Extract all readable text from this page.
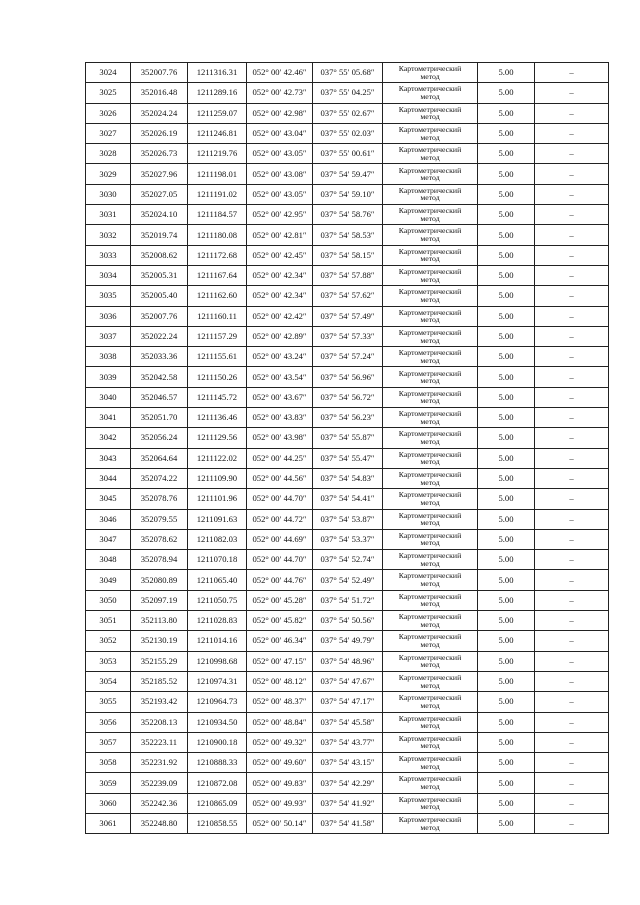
3024	352007.76	1211316.31	052° 00′ 42.46″	037° 55′ 05.68″	Картометрический
метод	5.00	–
3025	352016.48	1211289.16	052° 00′ 42.73″	037° 55′ 04.25″	Картометрический
метод	5.00	–
3026	352024.24	1211259.07	052° 00′ 42.98″	037° 55′ 02.67″	Картометрический
метод	5.00	–
3027	352026.19	1211246.81	052° 00′ 43.04″	037° 55′ 02.03″	Картометрический
метод	5.00	–
3028	352026.73	1211219.76	052° 00′ 43.05″	037° 55′ 00.61″	Картометрический
метод	5.00	–
3029	352027.96	1211198.01	052° 00′ 43.08″	037° 54′ 59.47″	Картометрический
метод	5.00	–
3030	352027.05	1211191.02	052° 00′ 43.05″	037° 54′ 59.10″	Картометрический
метод	5.00	–
3031	352024.10	1211184.57	052° 00′ 42.95″	037° 54′ 58.76″	Картометрический
метод	5.00	–
3032	352019.74	1211180.08	052° 00′ 42.81″	037° 54′ 58.53″	Картометрический
метод	5.00	–
3033	352008.62	1211172.68	052° 00′ 42.45″	037° 54′ 58.15″	Картометрический
метод	5.00	–
3034	352005.31	1211167.64	052° 00′ 42.34″	037° 54′ 57.88″	Картометрический
метод	5.00	–
3035	352005.40	1211162.60	052° 00′ 42.34″	037° 54′ 57.62″	Картометрический
метод	5.00	–
3036	352007.76	1211160.11	052° 00′ 42.42″	037° 54′ 57.49″	Картометрический
метод	5.00	–
3037	352022.24	1211157.29	052° 00′ 42.89″	037° 54′ 57.33″	Картометрический
метод	5.00	–
3038	352033.36	1211155.61	052° 00′ 43.24″	037° 54′ 57.24″	Картометрический
метод	5.00	–
3039	352042.58	1211150.26	052° 00′ 43.54″	037° 54′ 56.96″	Картометрический
метод	5.00	–
3040	352046.57	1211145.72	052° 00′ 43.67″	037° 54′ 56.72″	Картометрический
метод	5.00	–
3041	352051.70	1211136.46	052° 00′ 43.83″	037° 54′ 56.23″	Картометрический
метод	5.00	–
3042	352056.24	1211129.56	052° 00′ 43.98″	037° 54′ 55.87″	Картометрический
метод	5.00	–
3043	352064.64	1211122.02	052° 00′ 44.25″	037° 54′ 55.47″	Картометрический
метод	5.00	–
3044	352074.22	1211109.90	052° 00′ 44.56″	037° 54′ 54.83″	Картометрический
метод	5.00	–
3045	352078.76	1211101.96	052° 00′ 44.70″	037° 54′ 54.41″	Картометрический
метод	5.00	–
3046	352079.55	1211091.63	052° 00′ 44.72″	037° 54′ 53.87″	Картометрический
метод	5.00	–
3047	352078.62	1211082.03	052° 00′ 44.69″	037° 54′ 53.37″	Картометрический
метод	5.00	–
3048	352078.94	1211070.18	052° 00′ 44.70″	037° 54′ 52.74″	Картометрический
метод	5.00	–
3049	352080.89	1211065.40	052° 00′ 44.76″	037° 54′ 52.49″	Картометрический
метод	5.00	–
3050	352097.19	1211050.75	052° 00′ 45.28″	037° 54′ 51.72″	Картометрический
метод	5.00	–
3051	352113.80	1211028.83	052° 00′ 45.82″	037° 54′ 50.56″	Картометрический
метод	5.00	–
3052	352130.19	1211014.16	052° 00′ 46.34″	037° 54′ 49.79″	Картометрический
метод	5.00	–
3053	352155.29	1210998.68	052° 00′ 47.15″	037° 54′ 48.96″	Картометрический
метод	5.00	–
3054	352185.52	1210974.31	052° 00′ 48.12″	037° 54′ 47.67″	Картометрический
метод	5.00	–
3055	352193.42	1210964.73	052° 00′ 48.37″	037° 54′ 47.17″	Картометрический
метод	5.00	–
3056	352208.13	1210934.50	052° 00′ 48.84″	037° 54′ 45.58″	Картометрический
метод	5.00	–
3057	352223.11	1210900.18	052° 00′ 49.32″	037° 54′ 43.77″	Картометрический
метод	5.00	–
3058	352231.92	1210888.33	052° 00′ 49.60″	037° 54′ 43.15″	Картометрический
метод	5.00	–
3059	352239.09	1210872.08	052° 00′ 49.83″	037° 54′ 42.29″	Картометрический
метод	5.00	–
3060	352242.36	1210865.09	052° 00′ 49.93″	037° 54′ 41.92″	Картометрический
метод	5.00	–
3061	352248.80	1210858.55	052° 00′ 50.14″	037° 54′ 41.58″	Картометрический
метод	5.00	–
